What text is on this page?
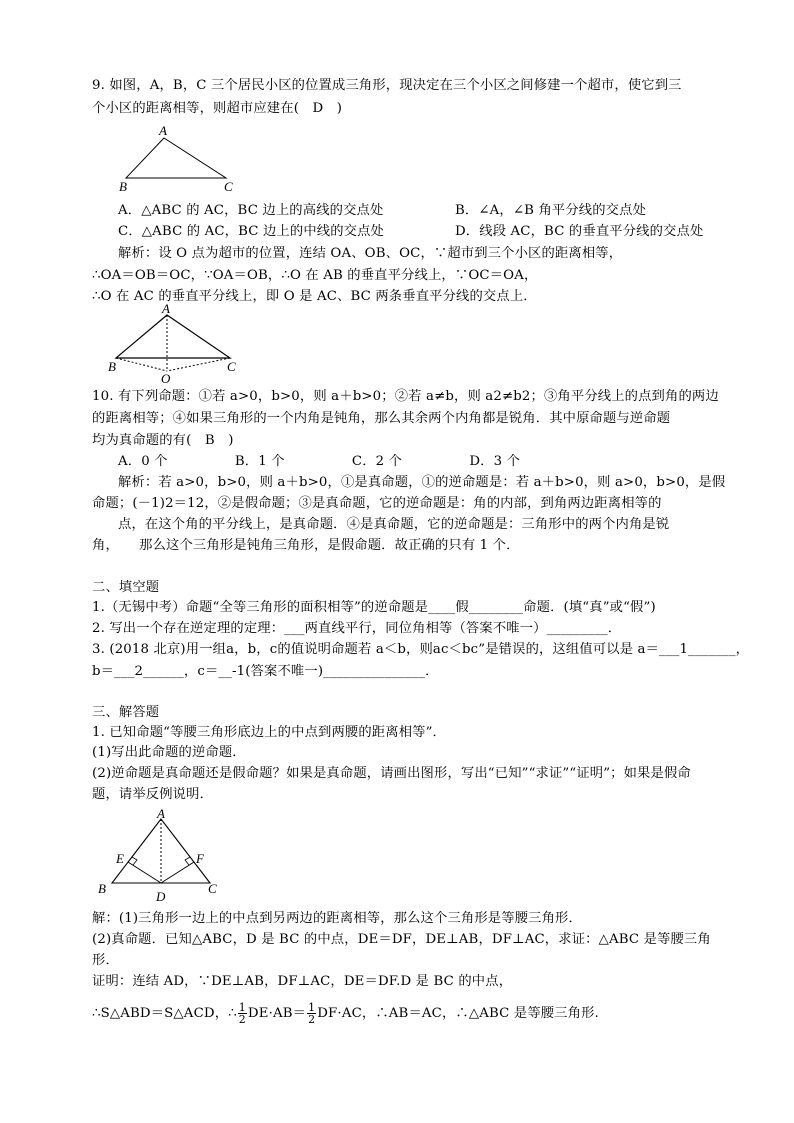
9. 如图，A，B，C 三个居民小区的位置成三角形，现决定在三个小区之间修建一个超市，使它到三
个小区的距离相等，则超市应建在(　D　)
A
B	C
A．△ABC 的 AC，BC 边上的高线的交点处	B．∠A，∠B 角平分线的交点处
C．△ABC 的 AC，BC 边上的中线的交点处	D．线段 AC，BC 的垂直平分线的交点处
解析：设 O 点为超市的位置，连结 OA、OB、OC，∵超市到三个小区的距离相等，
∴OA＝OB＝OC，∵OA＝OB，∴O 在 AB 的垂直平分线上，∵OC＝OA，
∴O 在 AC 的垂直平分线上，即 O 是 AC、BC 两条垂直平分线的交点上．
A
B	C
O
10. 有下列命题：①若 a>0，b>0，则 a＋b>0；②若 a≠b，则 a2≠b2；③角平分线上的点到角的两边
的距离相等；④如果三角形的一个内角是钝角，那么其余两个内角都是锐角．其中原命题与逆命题
均为真命题的有(　B　)
A．0 个　　　　　B．1 个　　　　　C．2 个　　　　　D．3 个
解析：若 a>0，b>0，则 a＋b>0，①是真命题，①的逆命题是：若 a＋b>0，则 a>0，b>0，是假
命题；(－1)2＝12，②是假命题；③是真命题，它的逆命题是：角的内部，到角两边距离相等的
点，在这个角的平分线上，是真命题．④是真命题，它的逆命题是：三角形中的两个内角是锐
角，　　那么这个三角形是钝角三角形，是假命题．故正确的只有 1 个．
二、填空题
1.（无锡中考）命题“全等三角形的面积相等”的逆命题是____假________命题．(填“真”或“假”)
2. 写出一个存在逆定理的定理：___两直线平行，同位角相等（答案不唯一）_________．
3. (2018 北京)用一组a，b，c的值说明命题若 a＜b，则ac＜bc”是错误的，这组值可以是 a＝___1_______，
b＝___2______，c＝__-1(答案不唯一)_______________．
三、解答题
1. 已知命题“等腰三角形底边上的中点到两腰的距离相等”．
(1)写出此命题的逆命题．
(2)逆命题是真命题还是假命题？如果是真命题，请画出图形，写出“已知”“求证”“证明”；如果是假命
题，请举反例说明．
A
B	C
D
E	F
解：(1)三角形一边上的中点到另两边的距离相等，那么这个三角形是等腰三角形．
(2)真命题．已知△ABC，D 是 BC 的中点，DE＝DF，DE⊥AB，DF⊥AC，求证：△ABC 是等腰三角
形．
证明：连结 AD，∵DE⊥AB，DF⊥AC，DE＝DF.D 是 BC 的中点，
∴S△ABD＝S△ACD，∴ $\frac{1}{2} DE\cdot AB= \frac{1}{2} DF\cdot AC$，∴AB＝AC，∴△ABC 是等腰三角形.
